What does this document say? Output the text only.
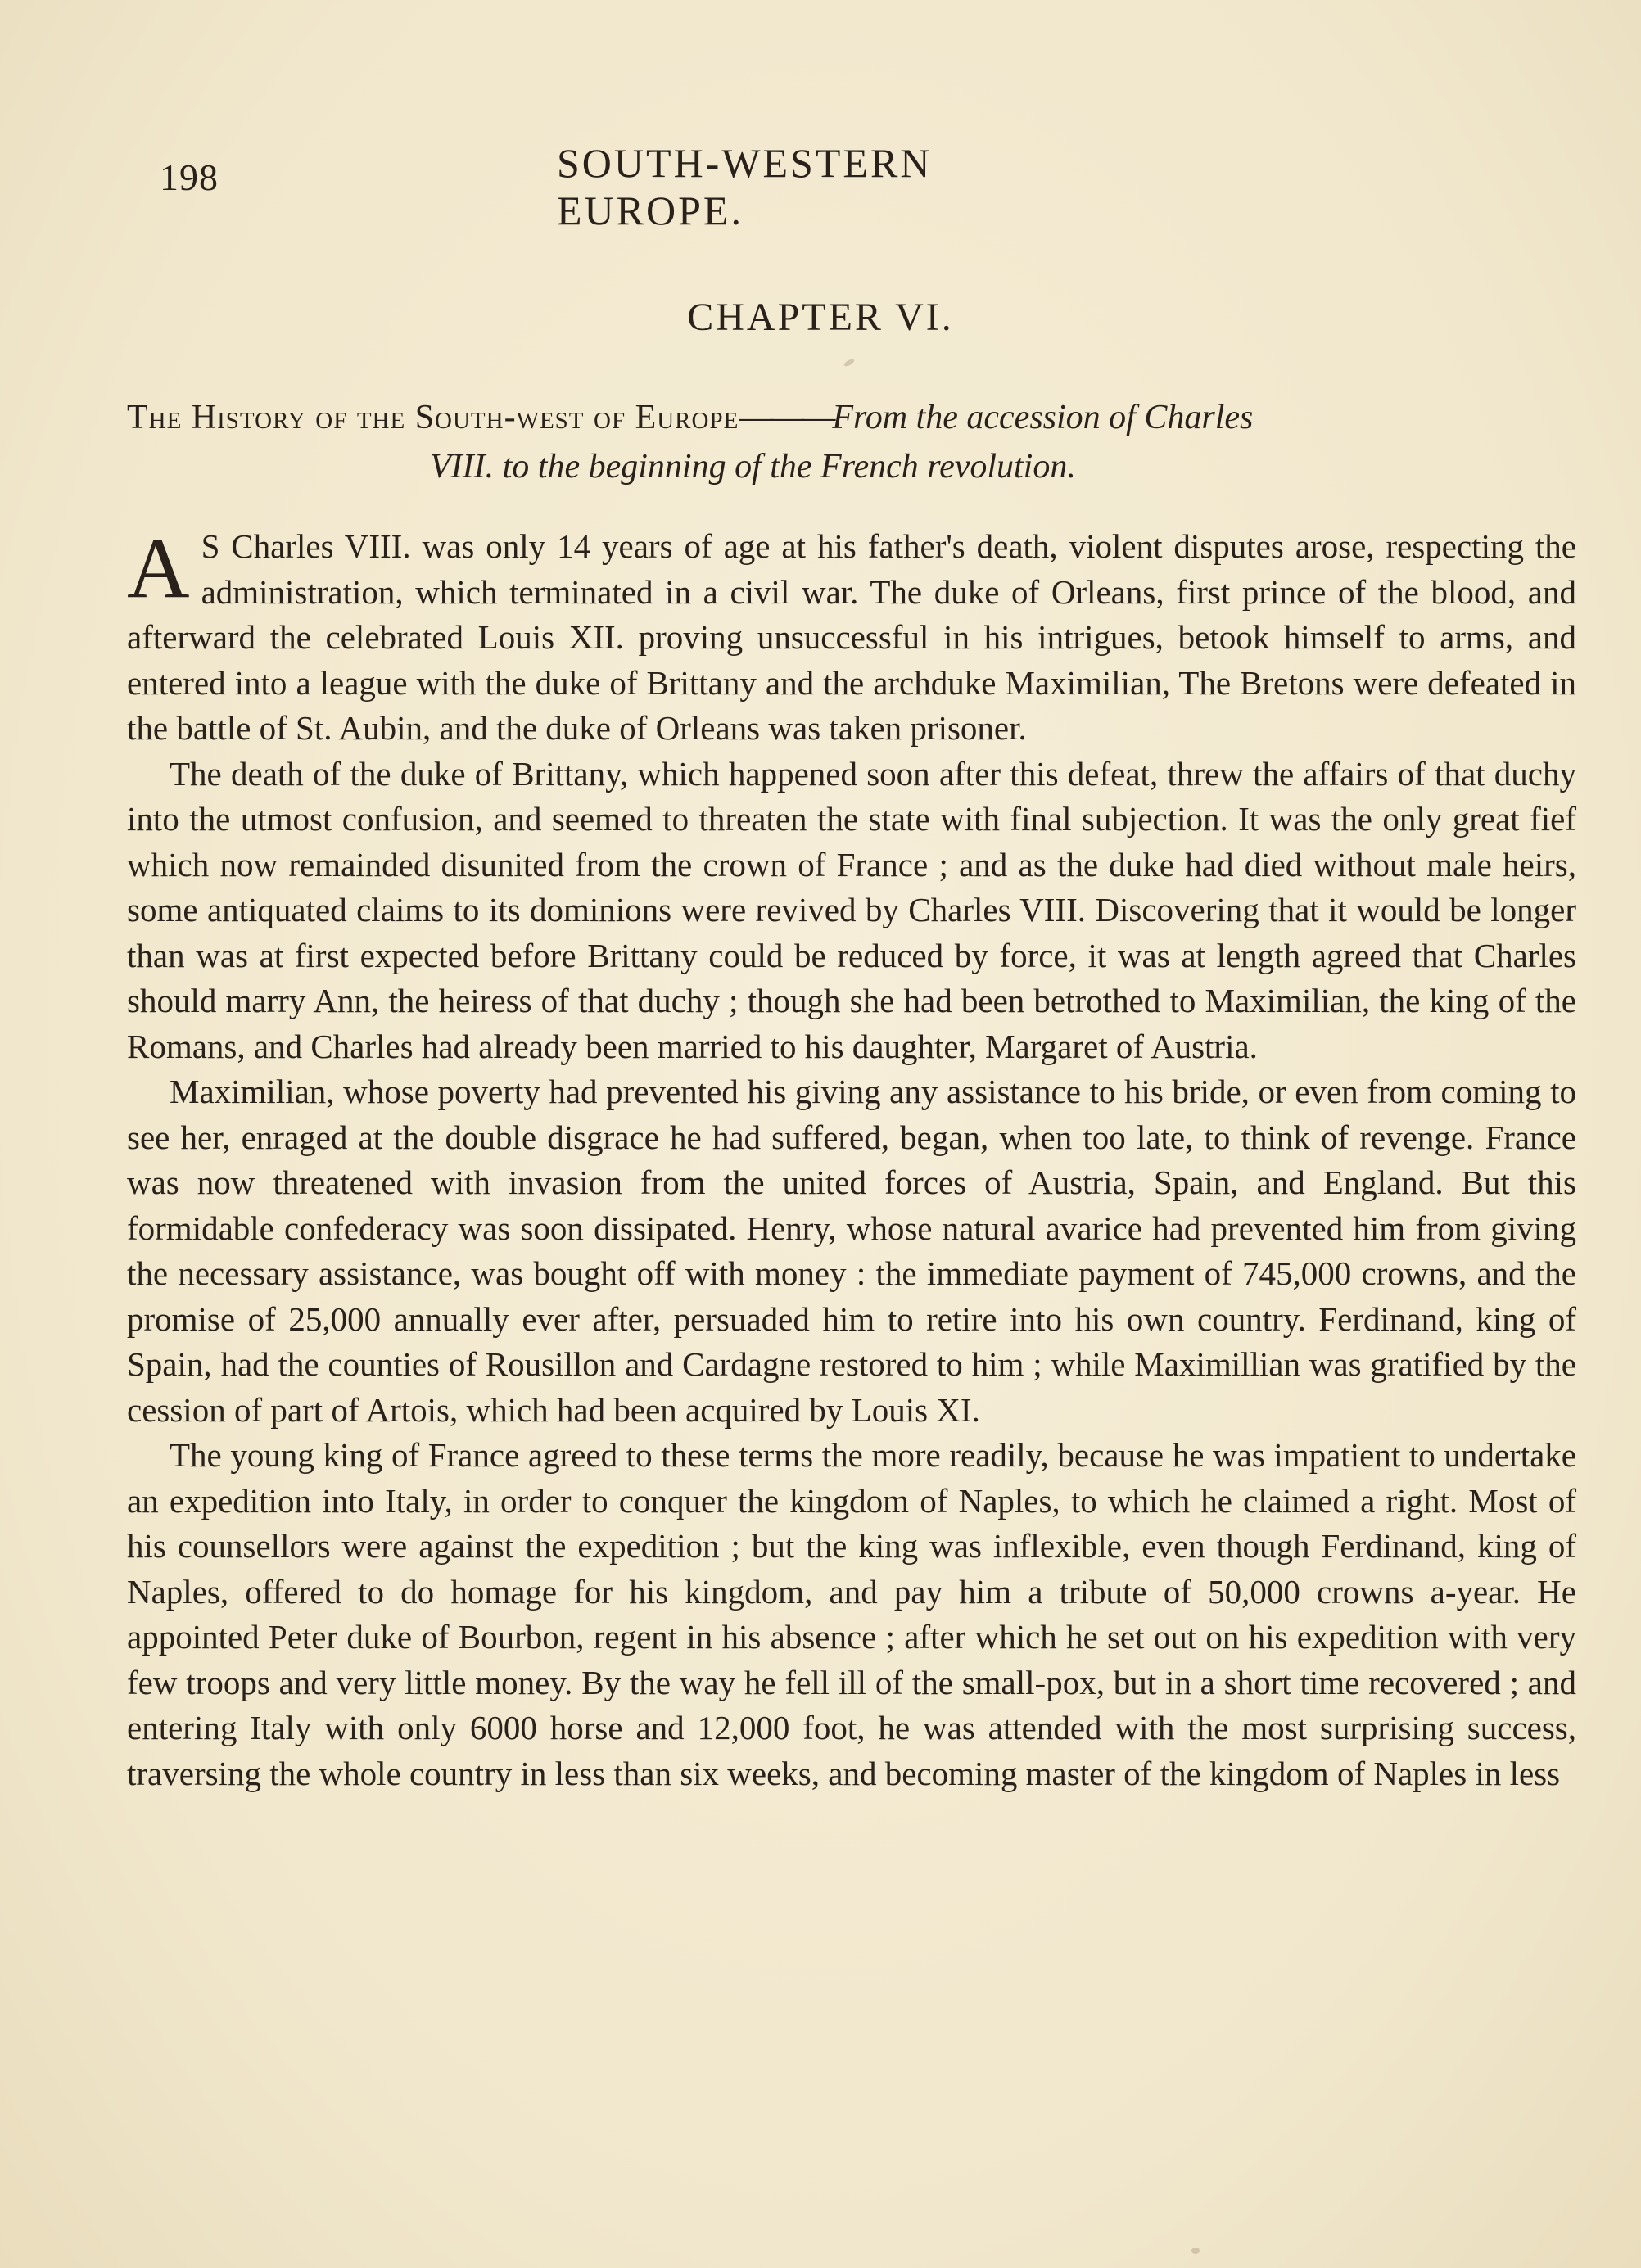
198	SOUTH-WESTERN EUROPE.
CHAPTER VI.
The History of the South-west of Europe———From the accession of Charles
VIII. to the beginning of the French revolution.

A S Charles VIII. was only 14 years of age at his father's death, violent disputes arose, respecting the administration, which terminated in a civil war. The duke of Orleans, first prince of the blood, and afterward the celebrated Louis XII. proving unsuccessful in his intrigues, betook himself to arms, and entered into a league with the duke of Brittany and the archduke Maximilian, The Bretons were defeated in the battle of St. Aubin, and the duke of Orleans was taken prisoner.

The death of the duke of Brittany, which happened soon after this defeat, threw the affairs of that duchy into the utmost confusion, and seemed to threaten the state with final subjection. It was the only great fief which now remainded disunited from the crown of France ; and as the duke had died without male heirs, some antiquated claims to its dominions were revived by Charles VIII. Discovering that it would be longer than was at first expected before Brittany could be reduced by force, it was at length agreed that Charles should marry Ann, the heiress of that duchy ; though she had been betrothed to Maximilian, the king of the Romans, and Charles had already been married to his daughter, Margaret of Austria.

Maximilian, whose poverty had prevented his giving any assistance to his bride, or even from coming to see her, enraged at the double disgrace he had suffered, began, when too late, to think of revenge. France was now threatened with invasion from the united forces of Austria, Spain, and England. But this formidable confederacy was soon dissipated. Henry, whose natural avarice had prevented him from giving the necessary assistance, was bought off with money : the immediate payment of 745,000 crowns, and the promise of 25,000 annually ever after, persuaded him to retire into his own country. Ferdinand, king of Spain, had the counties of Rousillon and Cardagne restored to him ; while Maximillian was gratified by the cession of part of Artois, which had been acquired by Louis XI.

The young king of France agreed to these terms the more readily, because he was impatient to undertake an expedition into Italy, in order to conquer the kingdom of Naples, to which he claimed a right. Most of his counsellors were against the expedition ; but the king was inflexible, even though Ferdinand, king of Naples, offered to do homage for his kingdom, and pay him a tribute of 50,000 crowns a-year. He appointed Peter duke of Bourbon, regent in his absence ; after which he set out on his expedition with very few troops and very little money. By the way he fell ill of the small-pox, but in a short time recovered ; and entering Italy with only 6000 horse and 12,000 foot, he was attended with the most surprising success, traversing the whole country in less than six weeks, and becoming master of the kingdom of Naples in less
